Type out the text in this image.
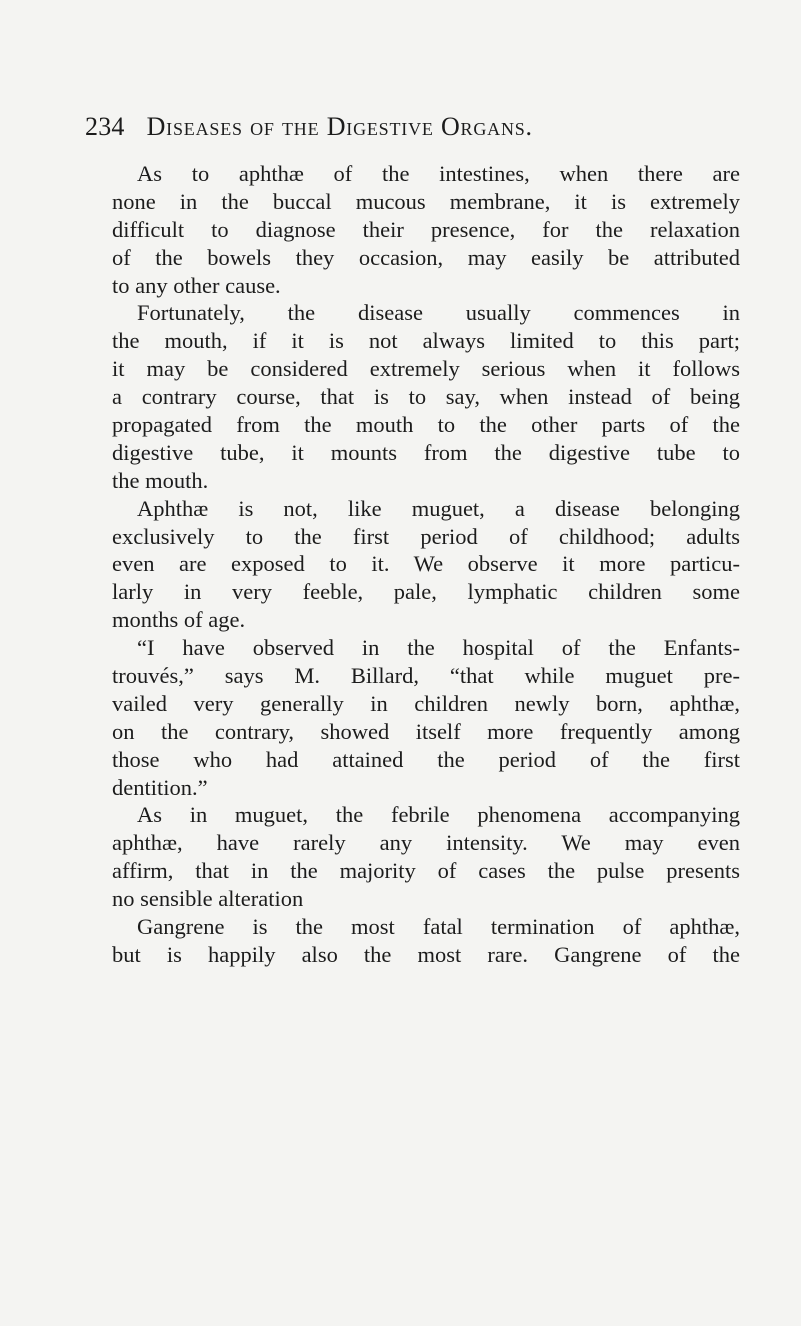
234 Diseases of the Digestive Organs.
As to aphthæ of the intestines, when there are
none in the buccal mucous membrane, it is extremely
difficult to diagnose their presence, for the relaxation
of the bowels they occasion, may easily be attributed
to any other cause.
Fortunately, the disease usually commences in
the mouth, if it is not always limited to this part;
it may be considered extremely serious when it follows
a contrary course, that is to say, when instead of being
propagated from the mouth to the other parts of the
digestive tube, it mounts from the digestive tube to
the mouth.
Aphthæ is not, like muguet, a disease belonging
exclusively to the first period of childhood; adults
even are exposed to it. We observe it more particu-
larly in very feeble, pale, lymphatic children some
months of age.
“I have observed in the hospital of the Enfants-
trouvés,” says M. Billard, “that while muguet pre-
vailed very generally in children newly born, aphthæ,
on the contrary, showed itself more frequently among
those who had attained the period of the first
dentition.”
As in muguet, the febrile phenomena accompanying
aphthæ, have rarely any intensity. We may even
affirm, that in the majority of cases the pulse presents
no sensible alteration
Gangrene is the most fatal termination of aphthæ,
but is happily also the most rare. Gangrene of the
